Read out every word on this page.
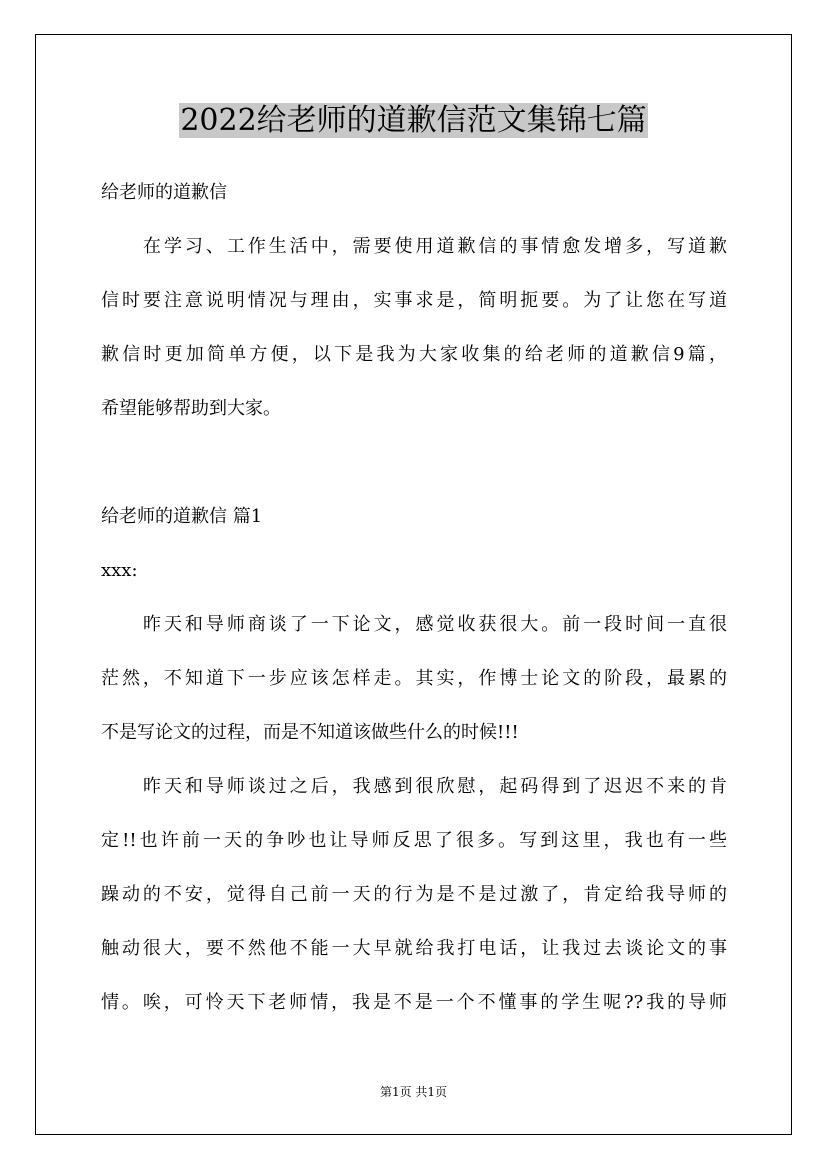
2022给老师的道歉信范文集锦七篇
给老师的道歉信
在学习、工作生活中，需要使用道歉信的事情愈发增多，写道歉
信时要注意说明情况与理由，实事求是，简明扼要。为了让您在写道
歉信时更加简单方便，以下是我为大家收集的给老师的道歉信9篇，
希望能够帮助到大家。
给老师的道歉信 篇1
xxx:
昨天和导师商谈了一下论文，感觉收获很大。前一段时间一直很
茫然，不知道下一步应该怎样走。其实，作博士论文的阶段，最累的
不是写论文的过程，而是不知道该做些什么的时候!!!
昨天和导师谈过之后，我感到很欣慰，起码得到了迟迟不来的肯
定!!也许前一天的争吵也让导师反思了很多。写到这里，我也有一些
躁动的不安，觉得自己前一天的行为是不是过激了，肯定给我导师的
触动很大，要不然他不能一大早就给我打电话，让我过去谈论文的事
情。唉，可怜天下老师情，我是不是一个不懂事的学生呢??我的导师
第1页 共1页
